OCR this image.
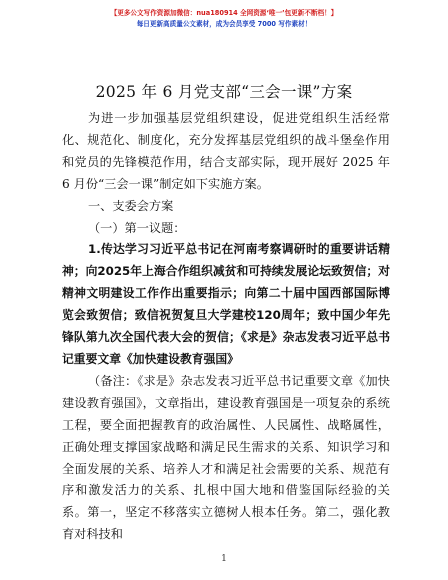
【更多公文写作资源加微信：nua180914 全网资源‘唯一’包更新不断档！】
每日更新高质量公文素材，成为会员享受 7000 写作素材！
2025 年 6 月党支部“三会一课”方案

为进一步加强基层党组织建设，促进党组织生活经常化、规范化、制度化，充分发挥基层党组织的战斗堡垒作用和党员的先锋模范作用，结合支部实际，现开展好 2025 年 6 月份“三会一课”制定如下实施方案。

一、支委会方案

（一）第一议题：

1.传达学习习近平总书记在河南考察调研时的重要讲话精神；向2025年上海合作组织减贫和可持续发展论坛致贺信；对精神文明建设工作作出重要指示；向第二十届中国西部国际博览会致贺信；致信祝贺复旦大学建校120周年；致中国少年先锋队第九次全国代表大会的贺信；《求是》杂志发表习近平总书记重要文章《加快建设教育强国》

（备注：《求是》杂志发表习近平总书记重要文章《加快建设教育强国》，文章指出，建设教育强国是一项复杂的系统工程，要全面把握教育的政治属性、人民属性、战略属性，正确处理支撑国家战略和满足民生需求的关系、知识学习和全面发展的关系、培养人才和满足社会需要的关系、规范有序和激发活力的关系、扎根中国大地和借鉴国际经验的关系。第一，坚定不移落实立德树人根本任务。第二，强化教育对科技和

1
